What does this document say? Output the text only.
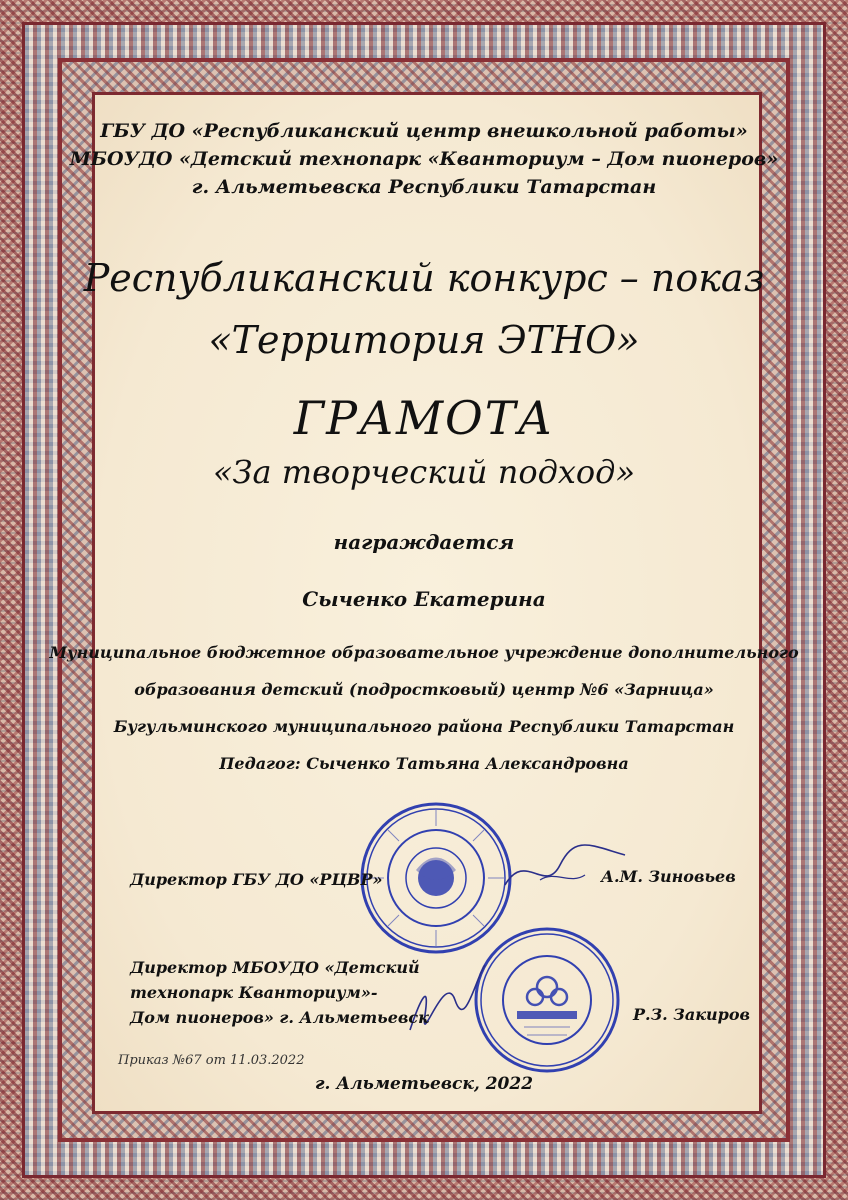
ГБУ ДО «Республиканский центр внешкольной работы»
МБОУДО «Детский технопарк «Кванториум – Дом пионеров»
г. Альметьевска Республики Татарстан
Республиканский конкурс – показ
«Территория ЭТНО»
ГРАМОТА
«За творческий подход»
награждается
Сыченко Екатерина
Муниципальное бюджетное образовательное учреждение дополнительного
образования детский (подростковый) центр №6 «Зарница»
Бугульминского муниципального района Республики Татарстан
Педагог: Сыченко Татьяна Александровна
Директор ГБУ ДО «РЦВР»	А.М. Зиновьев
Директор МБОУДО «Детский
технопарк Кванториум»-
Дом пионеров» г. Альметьевск	Р.З. Закиров
Приказ №67 от 11.03.2022
г. Альметьевск, 2022
